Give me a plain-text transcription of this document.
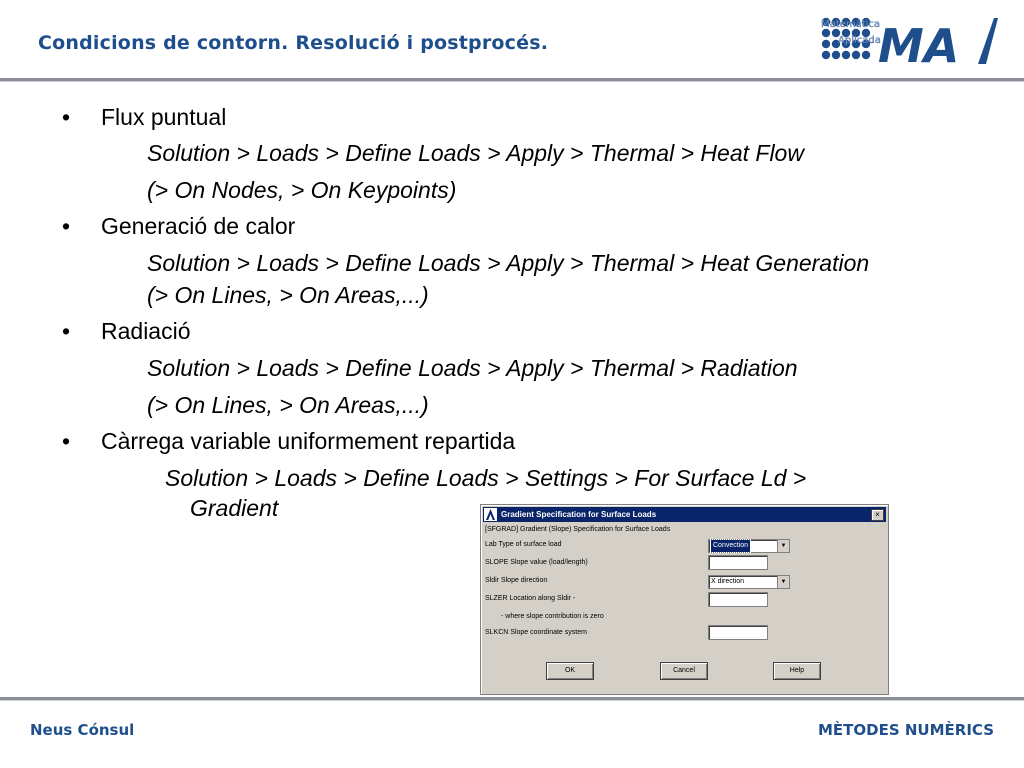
Condicions de contorn. Resolució i postprocés.
Matemàtica
Aplicada
MA
• Flux puntual
Solution > Loads > Define Loads > Apply > Thermal > Heat Flow
(> On Nodes, > On Keypoints)
• Generació de calor
Solution > Loads > Define Loads > Apply > Thermal > Heat Generation
(> On Lines, > On Areas,...)
• Radiació
Solution > Loads > Define Loads > Apply > Thermal > Radiation
(> On Lines, > On Areas,...)
• Càrrega variable uniformement repartida
Solution > Loads > Define Loads > Settings > For Surface Ld >
Gradient	Gradient Specification for Surface Loads	×
[SFGRAD] Gradient (Slope) Specification for Surface Loads
Lab Type of surface load	Convection	▼
SLOPE Slope value (load/length)
Sldir Slope direction	X direction	▼
SLZER Location along Sldir -
- where slope contribution is zero
SLKCN Slope coordinate system
OK	Cancel	Help
Neus Cónsul	MÈTODES NUMÈRICS
